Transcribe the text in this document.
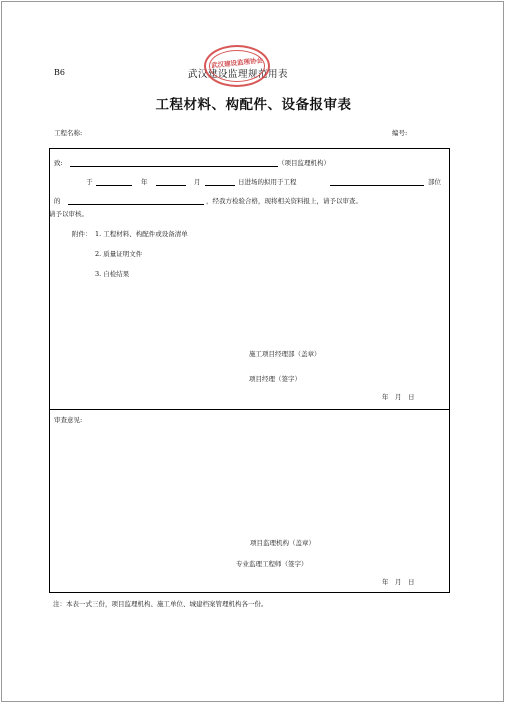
B6	武汉建设监理规范用表
武汉建设监理协会
工程材料、构配件、设备报审表
工程名称:	编号:
致:	（项目监理机构）
于	年	月	日进场的拟用于工程	部位
的	，经我方检验合格，现将相关资料报上，请予以审查。
请予以审核。
附件： 1. 工程材料、构配件或设备清单
2. 质量证明文件
3. 自检结果
施工项目经理部（盖章）
项目经理（签字）
年　月　日
审查意见:
项目监理机构（盖章）
专业监理工程师（签字）
年　月　日
注：本表一式三份，项目监理机构、施工单位、城建档案管理机构各一份。
